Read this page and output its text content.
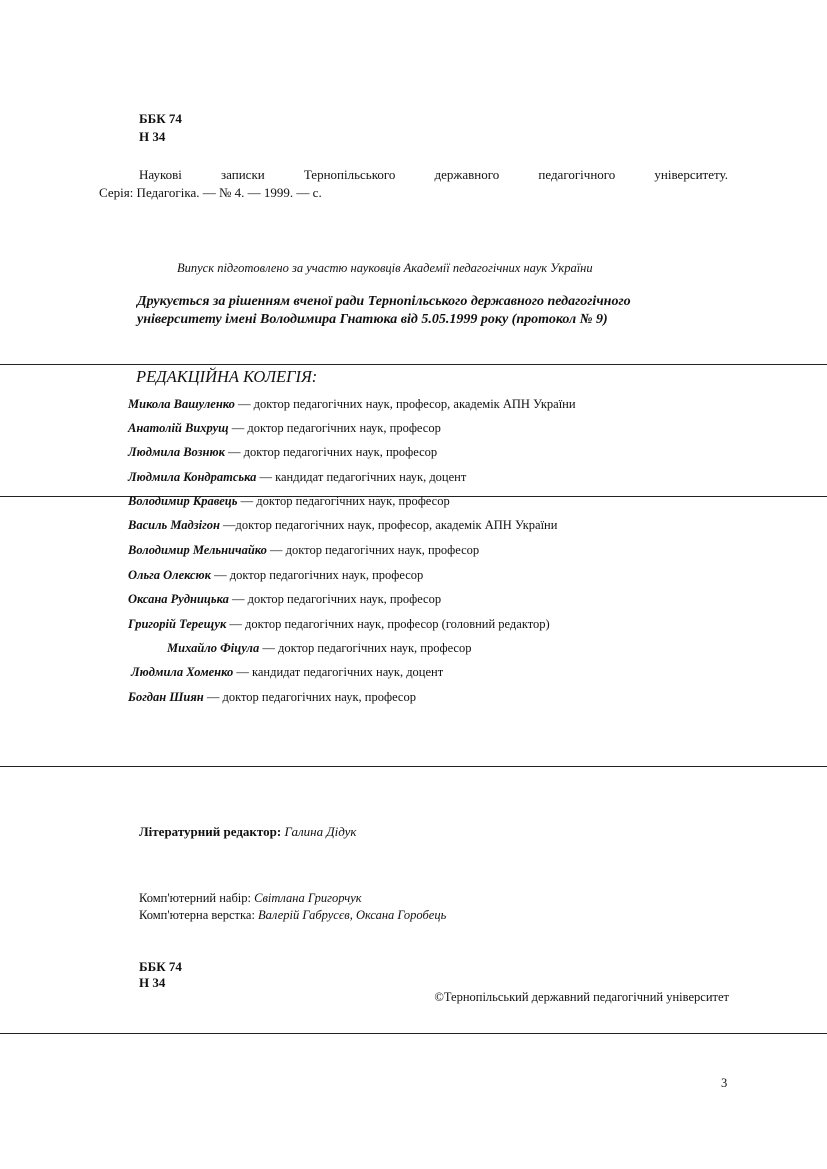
ББК 74
Н 34
Наукові	записки	Тернопільського	державного	педагогічного	університету.
Серія: Педагогіка. — № 4. — 1999. — с.
Випуск підготовлено за участю науковців Академії педагогічних наук України
Друкується за рішенням вченої ради Тернопільського державного педагогічного
університету імені Володимира Гнатюка від 5.05.1999 року (протокол № 9)
РЕДАКЦІЙНА КОЛЕГІЯ:
Микола Вашуленко — доктор педагогічних наук, професор, академік АПН України
Анатолій Вихрущ — доктор педагогічних наук, професор
Людмила Вознюк — доктор педагогічних наук, професор
Людмила Кондратська — кандидат педагогічних наук, доцент
Володимир Кравець — доктор педагогічних наук, професор
Василь Мадзігон —доктор педагогічних наук, професор, академік АПН України
Володимир Мельничайко — доктор педагогічних наук, професор
Ольга Олексюк — доктор педагогічних наук, професор
Оксана Рудницька — доктор педагогічних наук, професор
Григорій Терещук — доктор педагогічних наук, професор (головний редактор)
Михайло Фіцула — доктор педагогічних наук, професор
Людмила Хоменко — кандидат педагогічних наук, доцент
Богдан Шиян — доктор педагогічних наук, професор
Літературний редактор: Галина Дідук
Комп'ютерний набір: Світлана Григорчук
Комп'ютерна верстка: Валерій Габрусєв, Оксана Горобець
ББК 74
Н 34
©Тернопільський державний педагогічний університет
3
